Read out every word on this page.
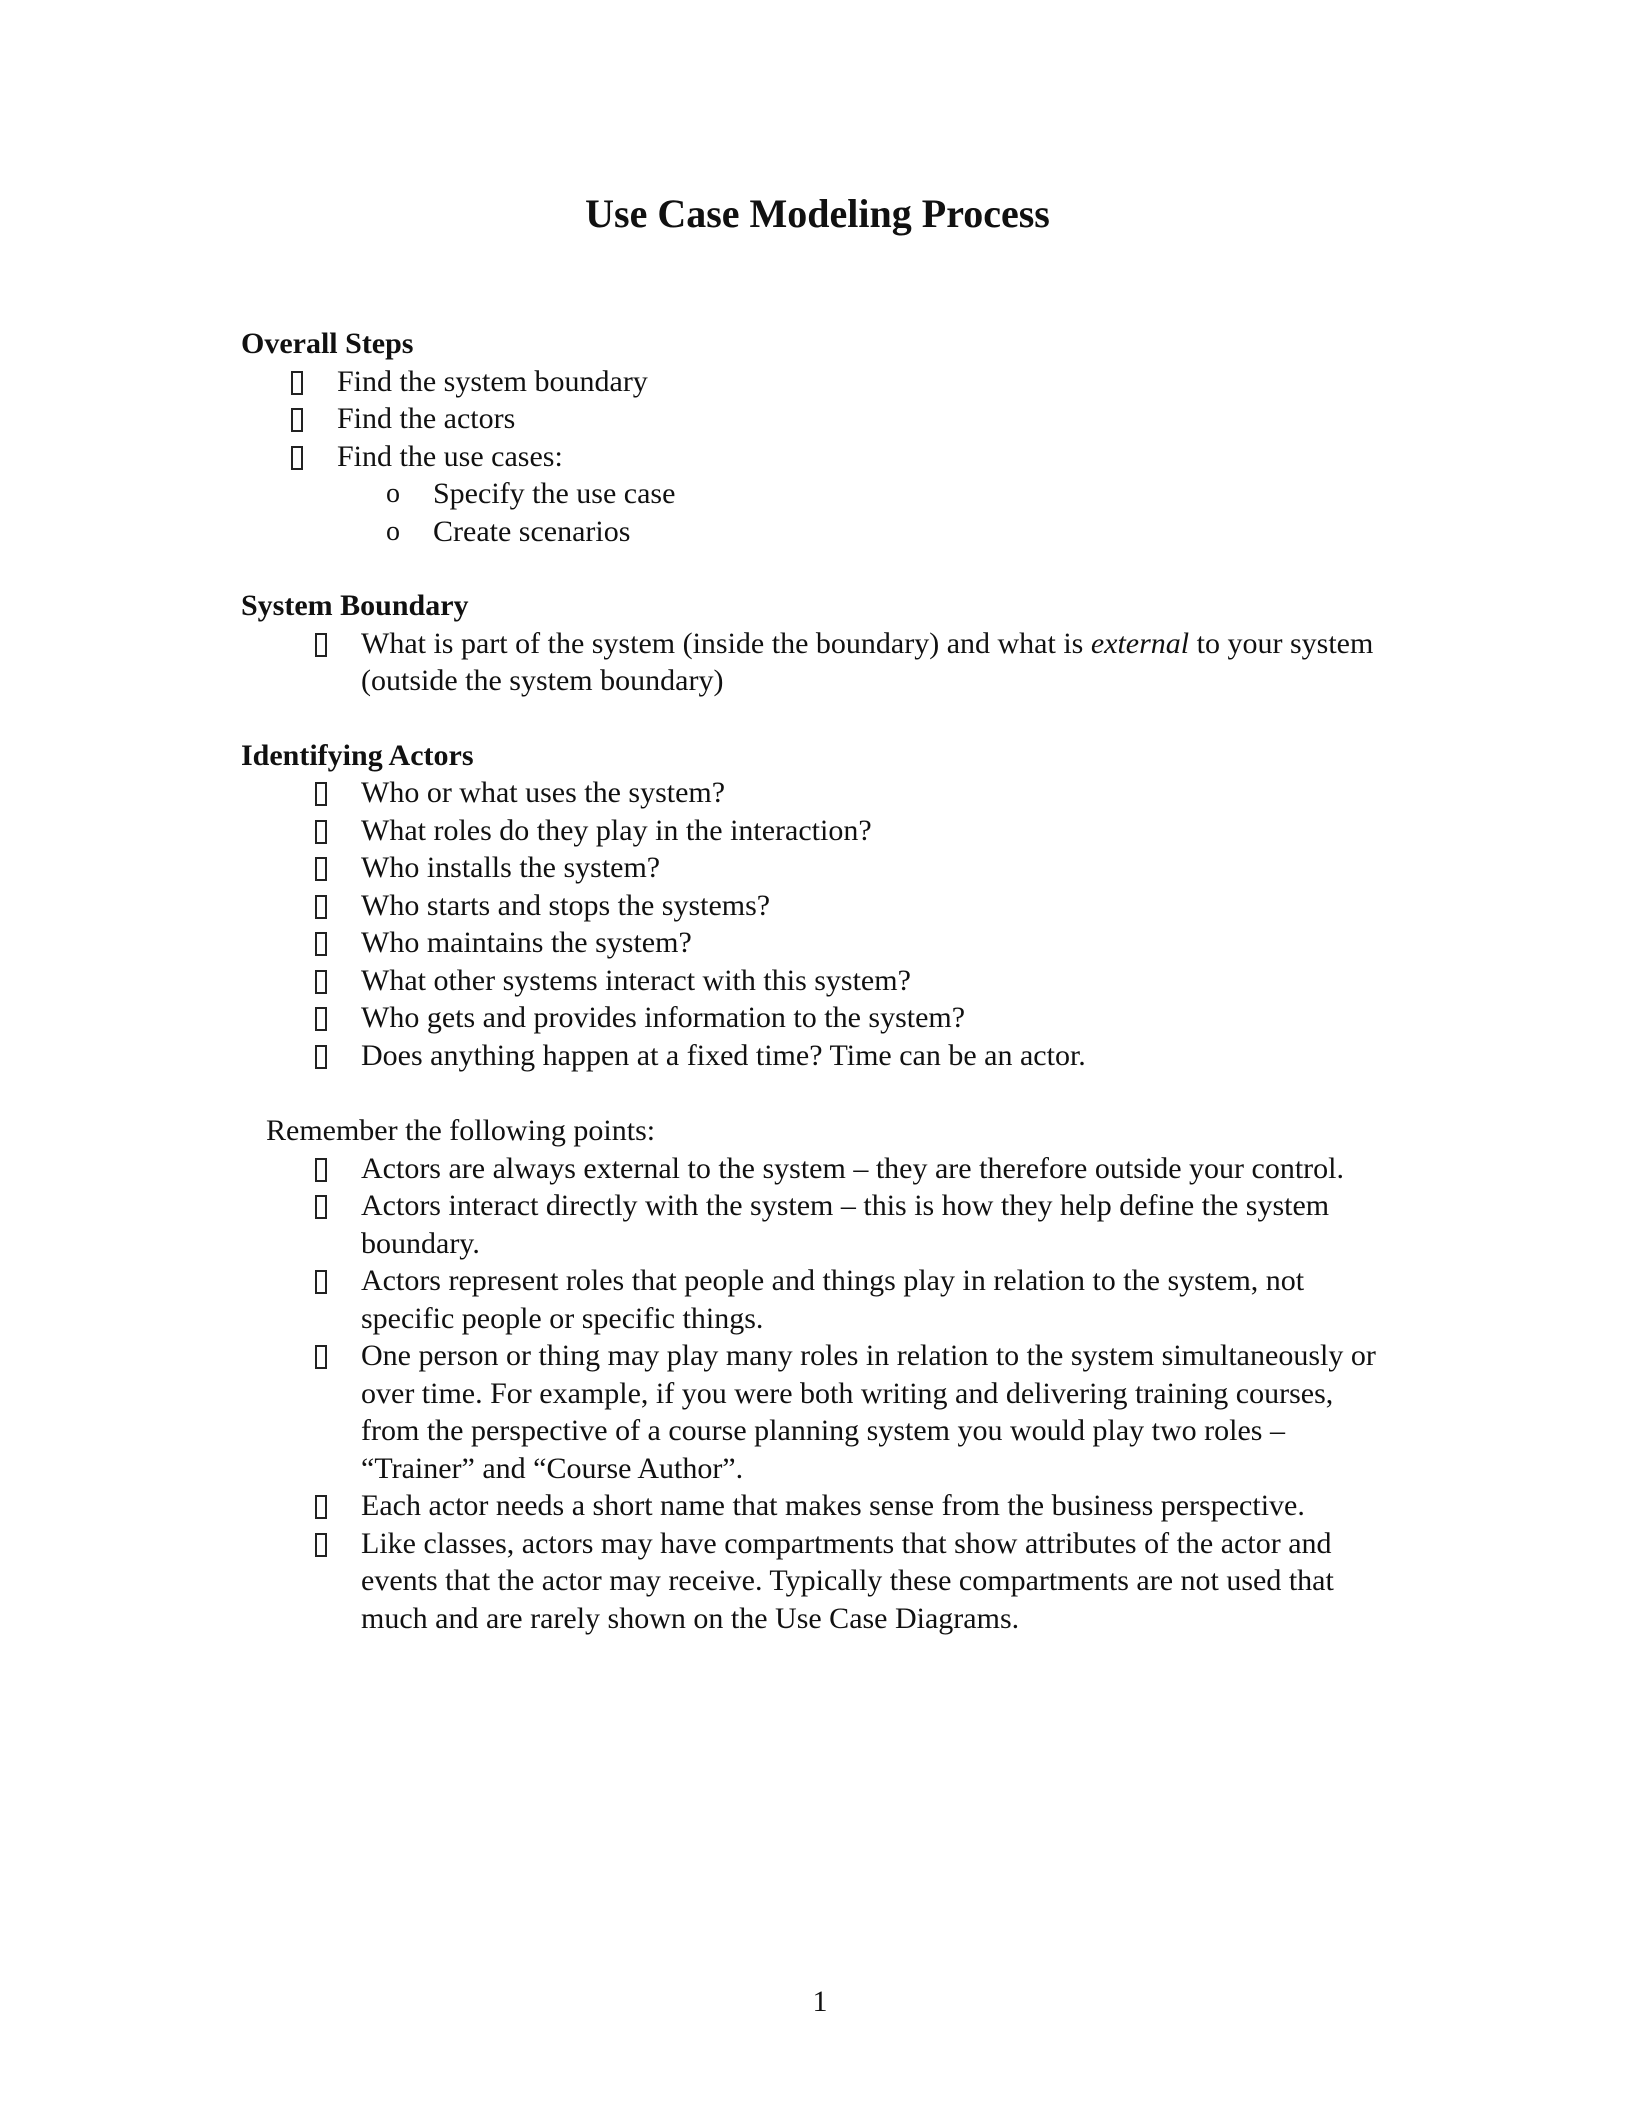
Use Case Modeling Process

Overall Steps

Find the system boundary
Find the actors
Find the use cases:
o Specify the use case
o Create scenarios

System Boundary

What is part of the system (inside the boundary) and what is external to your system (outside the system boundary)

Identifying Actors

Who or what uses the system?
What roles do they play in the interaction?
Who installs the system?
Who starts and stops the systems?
Who maintains the system?
What other systems interact with this system?
Who gets and provides information to the system?
Does anything happen at a fixed time? Time can be an actor.

Remember the following points:

Actors are always external to the system – they are therefore outside your control.
Actors interact directly with the system – this is how they help define the system boundary.
Actors represent roles that people and things play in relation to the system, not specific people or specific things.
One person or thing may play many roles in relation to the system simultaneously or over time. For example, if you were both writing and delivering training courses, from the perspective of a course planning system you would play two roles – “Trainer” and “Course Author”.
Each actor needs a short name that makes sense from the business perspective.
Like classes, actors may have compartments that show attributes of the actor and events that the actor may receive. Typically these compartments are not used that much and are rarely shown on the Use Case Diagrams.
1
